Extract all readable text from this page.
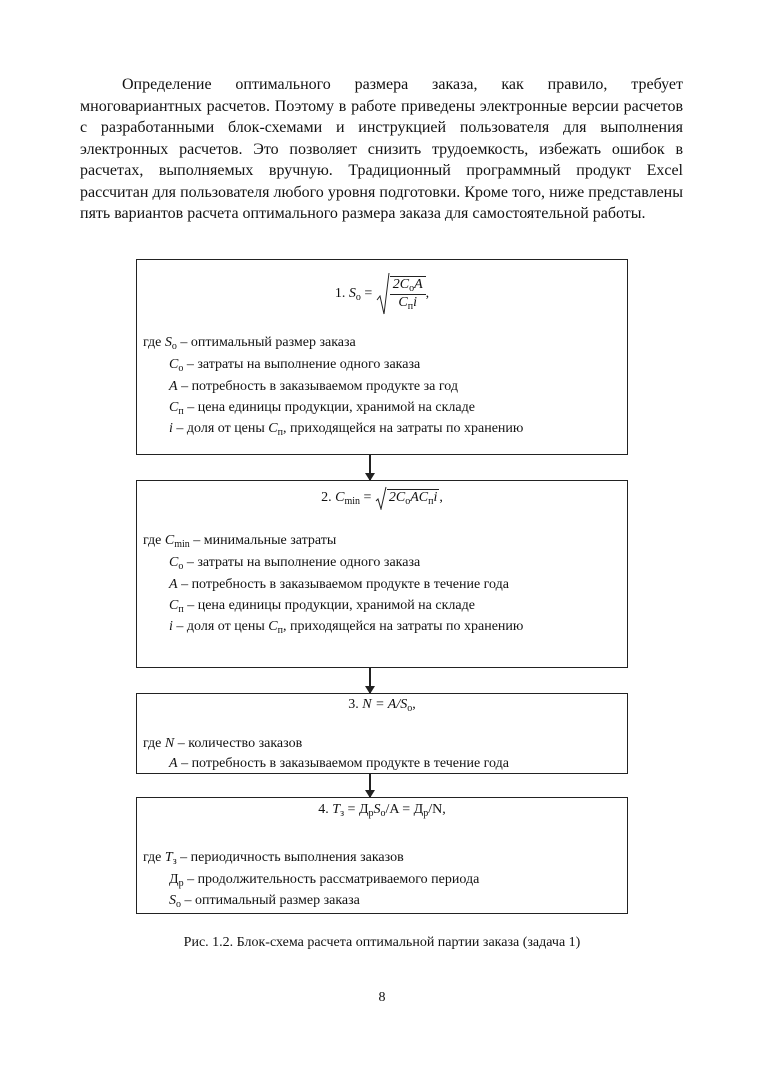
Определение оптимального размера заказа, как правило, требует многовариантных расчетов. Поэтому в работе приведены электронные версии расчетов с разработанными блок-схемами и инструкцией пользователя для выполнения электронных расчетов. Это позволяет снизить трудоемкость, избежать ошибок в расчетах, выполняемых вручную. Традиционный программный продукт Excel рассчитан для пользователя любого уровня подготовки. Кроме того, ниже представлены пять вариантов расчета оптимального размера заказа для самостоятельной работы.

1. $S_о = \frac{2C_оA}{C_пi}$ ,
где $S_о$ – оптимальный размер заказа
$C_о$ – затраты на выполнение одного заказа
A – потребность в заказываемом продукте за год
$C_п$ – цена единицы продукции, хранимой на складе
i – доля от цены $C_п$, приходящейся на затраты по хранению
2. $C_{min} = 2C_оAC_пi$ ,
где $C_{min}$ – минимальные затраты
$C_о$ – затраты на выполнение одного заказа
A – потребность в заказываемом продукте в течение года
$C_п$ – цена единицы продукции, хранимой на складе
i – доля от цены $C_п$, приходящейся на затраты по хранению
3. $N = A/S_о$,
где N – количество заказов
A – потребность в заказываемом продукте в течение года
4. $T_з = Д_рS_о/A = Д_р/N$,
где $T_з$ – периодичность выполнения заказов
$Д_р$ – продолжительность рассматриваемого периода
$S_о$ – оптимальный размер заказа
Рис. 1.2. Блок-схема расчета оптимальной партии заказа (задача 1)
8
